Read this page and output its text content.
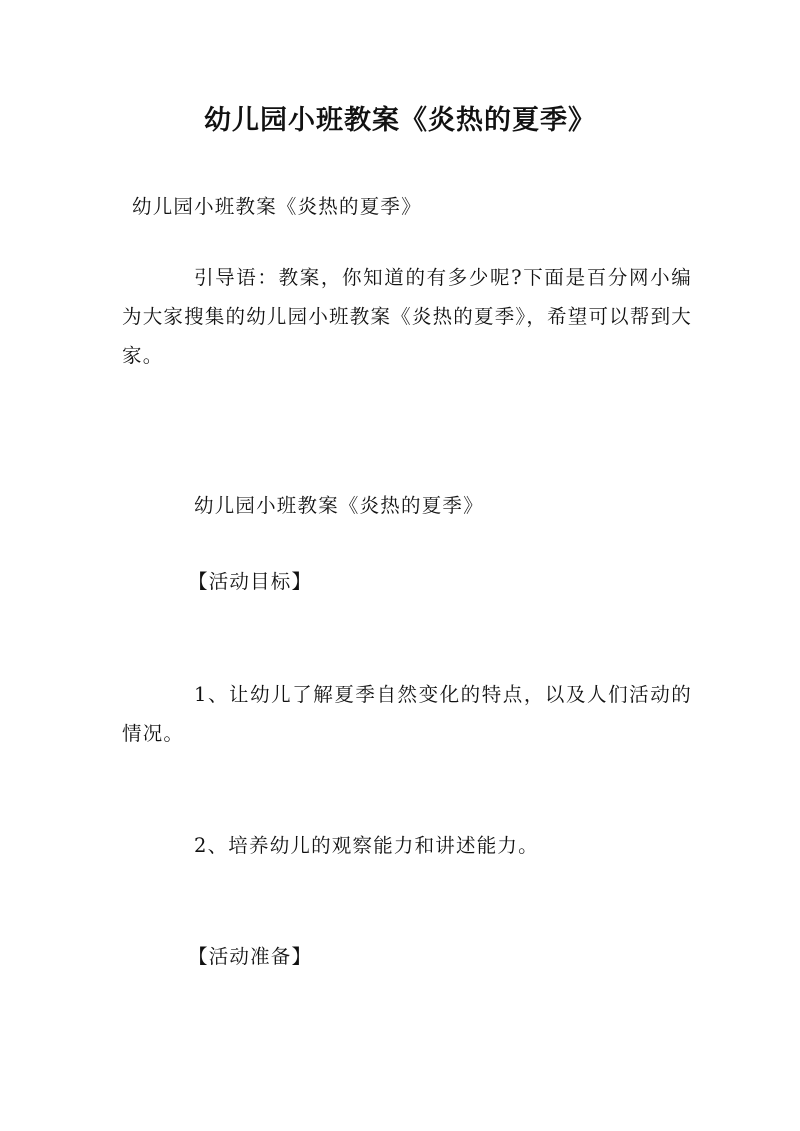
幼儿园小班教案《炎热的夏季》
幼儿园小班教案《炎热的夏季》
引导语：教案，你知道的有多少呢?下面是百分网小编为大家搜集的幼儿园小班教案《炎热的夏季》，希望可以帮到大家。
幼儿园小班教案《炎热的夏季》
【活动目标】
1、让幼儿了解夏季自然变化的特点，以及人们活动的情况。
2、培养幼儿的观察能力和讲述能力。
【活动准备】
